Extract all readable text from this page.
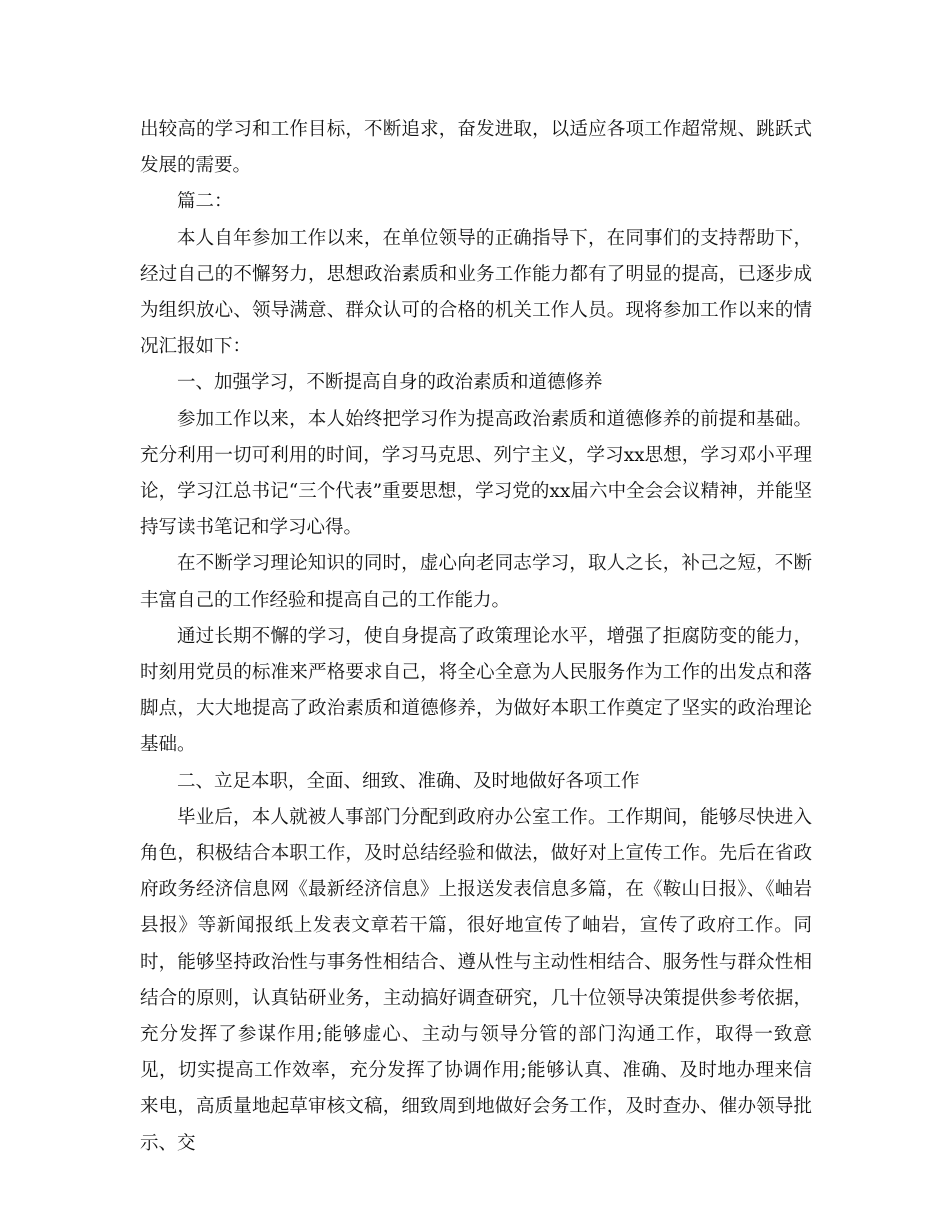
出较高的学习和工作目标，不断追求，奋发进取，以适应各项工作超常规、跳跃式发展的需要。

篇二：

本人自年参加工作以来，在单位领导的正确指导下，在同事们的支持帮助下，经过自己的不懈努力，思想政治素质和业务工作能力都有了明显的提高，已逐步成为组织放心、领导满意、群众认可的合格的机关工作人员。现将参加工作以来的情况汇报如下：

一、加强学习，不断提高自身的政治素质和道德修养

参加工作以来，本人始终把学习作为提高政治素质和道德修养的前提和基础。充分利用一切可利用的时间，学习马克思、列宁主义，学习xx思想，学习邓小平理论，学习江总书记“三个代表”重要思想，学习党的xx届六中全会会议精神，并能坚持写读书笔记和学习心得。

在不断学习理论知识的同时，虚心向老同志学习，取人之长，补己之短，不断丰富自己的工作经验和提高自己的工作能力。

通过长期不懈的学习，使自身提高了政策理论水平，增强了拒腐防变的能力，时刻用党员的标准来严格要求自己，将全心全意为人民服务作为工作的出发点和落脚点，大大地提高了政治素质和道德修养，为做好本职工作奠定了坚实的政治理论基础。

二、立足本职，全面、细致、准确、及时地做好各项工作

毕业后，本人就被人事部门分配到政府办公室工作。工作期间，能够尽快进入角色，积极结合本职工作，及时总结经验和做法，做好对上宣传工作。先后在省政府政务经济信息网《最新经济信息》上报送发表信息多篇，在《鞍山日报》、《岫岩县报》等新闻报纸上发表文章若干篇，很好地宣传了岫岩，宣传了政府工作。同时，能够坚持政治性与事务性相结合、遵从性与主动性相结合、服务性与群众性相结合的原则，认真钻研业务，主动搞好调查研究，几十位领导决策提供参考依据，充分发挥了参谋作用;能够虚心、主动与领导分管的部门沟通工作，取得一致意见，切实提高工作效率，充分发挥了协调作用;能够认真、准确、及时地办理来信来电，高质量地起草审核文稿，细致周到地做好会务工作，及时查办、催办领导批示、交
